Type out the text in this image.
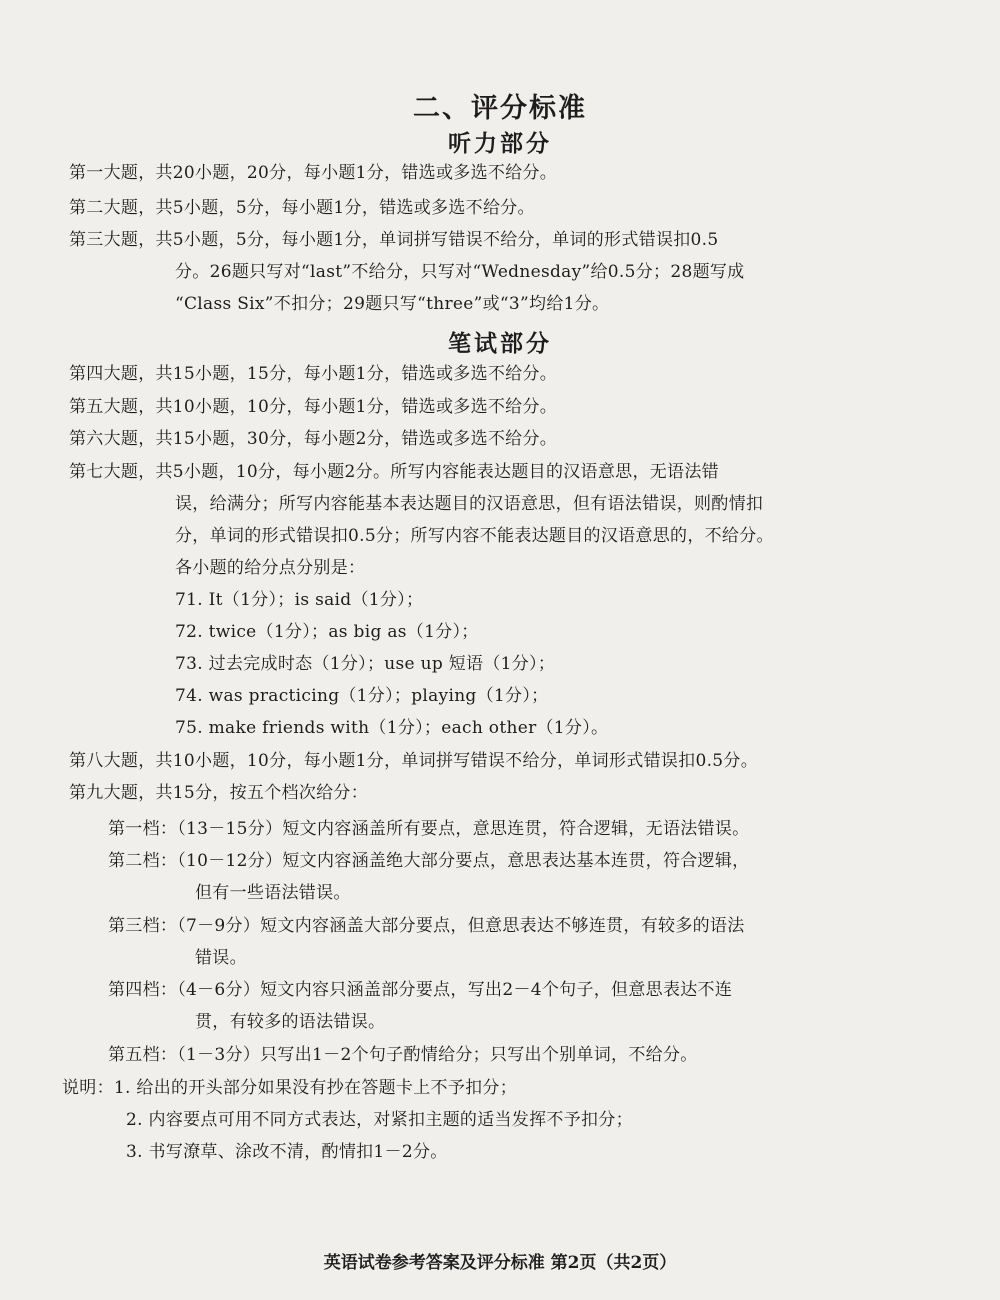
二、评分标准
听力部分
第一大题，共20小题，20分，每小题1分，错选或多选不给分。
第二大题，共5小题，5分，每小题1分，错选或多选不给分。
第三大题，共5小题，5分，每小题1分，单词拼写错误不给分，单词的形式错误扣0.5
分。26题只写对“last”不给分，只写对“Wednesday”给0.5分；28题写成
“Class Six”不扣分；29题只写“three”或“3”均给1分。
笔试部分
第四大题，共15小题，15分，每小题1分，错选或多选不给分。
第五大题，共10小题，10分，每小题1分，错选或多选不给分。
第六大题，共15小题，30分，每小题2分，错选或多选不给分。
第七大题，共5小题，10分，每小题2分。所写内容能表达题目的汉语意思，无语法错
误，给满分；所写内容能基本表达题目的汉语意思，但有语法错误，则酌情扣
分，单词的形式错误扣0.5分；所写内容不能表达题目的汉语意思的，不给分。
各小题的给分点分别是：
71. It（1分）；is said（1分）；
72. twice（1分）；as big as（1分）；
73. 过去完成时态（1分）；use up 短语（1分）；
74. was practicing（1分）；playing（1分）；
75. make friends with（1分）；each other（1分）。
第八大题，共10小题，10分，每小题1分，单词拼写错误不给分，单词形式错误扣0.5分。
第九大题，共15分，按五个档次给分：
第一档：（13－15分）短文内容涵盖所有要点，意思连贯，符合逻辑，无语法错误。
第二档：（10－12分）短文内容涵盖绝大部分要点，意思表达基本连贯，符合逻辑，
但有一些语法错误。
第三档：（7－9分）短文内容涵盖大部分要点，但意思表达不够连贯，有较多的语法
错误。
第四档：（4－6分）短文内容只涵盖部分要点，写出2－4个句子，但意思表达不连
贯，有较多的语法错误。
第五档：（1－3分）只写出1－2个句子酌情给分；只写出个别单词，不给分。
说明：1. 给出的开头部分如果没有抄在答题卡上不予扣分；
2. 内容要点可用不同方式表达，对紧扣主题的适当发挥不予扣分；
3. 书写潦草、涂改不清，酌情扣1－2分。
英语试卷参考答案及评分标准 第2页（共2页）
